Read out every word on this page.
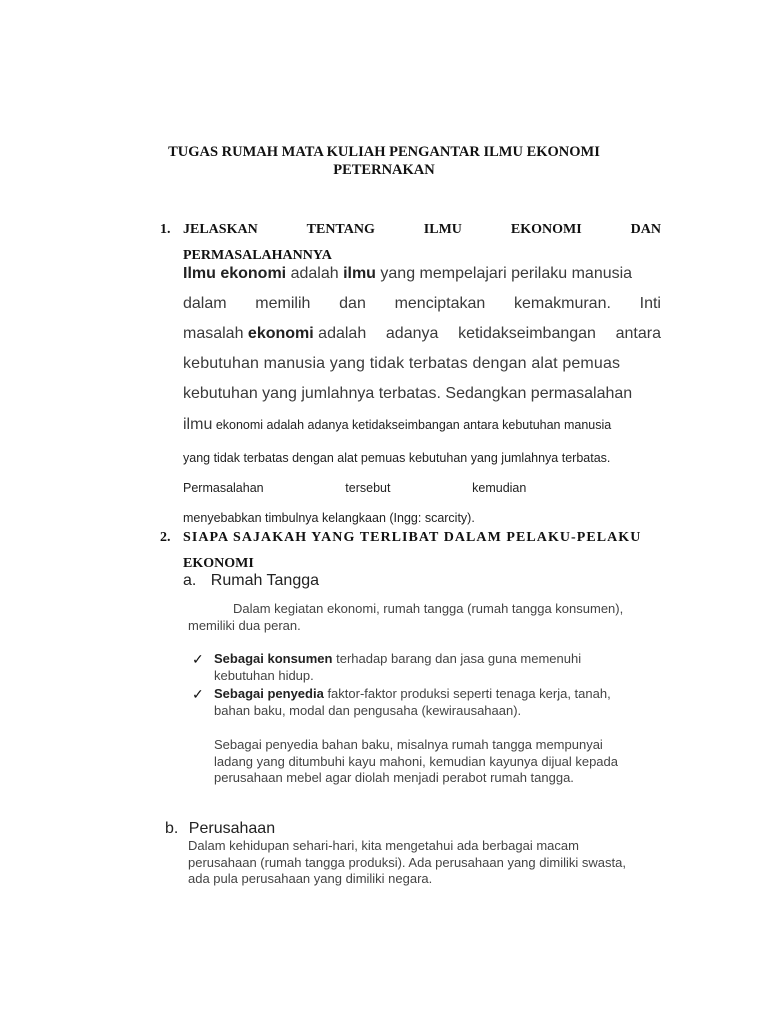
TUGAS RUMAH MATA KULIAH PENGANTAR ILMU EKONOMI
PETERNAKAN
1. JELASKAN	TENTANG	ILMU	EKONOMI	DAN
PERMASALAHANNYA
Ilmu ekonomi adalah ilmu yang mempelajari perilaku manusia
dalam memilih dan menciptakan kemakmuran. Inti
masalah ekonomi adalah adanya ketidakseimbangan antara
kebutuhan manusia yang tidak terbatas dengan alat pemuas
kebutuhan yang jumlahnya terbatas. Sedangkan permasalahan
ilmu ekonomi adalah adanya ketidakseimbangan antara kebutuhan manusia
yang tidak terbatas dengan alat pemuas kebutuhan yang jumlahnya terbatas.
Permasalahan	tersebut	kemudian
menyebabkan timbulnya kelangkaan (Ingg: scarcity).
2. SIAPA SAJAKAH YANG TERLIBAT DALAM PELAKU-PELAKU
EKONOMI
a. Rumah Tangga
Dalam kegiatan ekonomi, rumah tangga (rumah tangga konsumen),
memiliki dua peran.
✓ Sebagai konsumen terhadap barang dan jasa guna memenuhi
kebutuhan hidup.
✓ Sebagai penyedia faktor-faktor produksi seperti tenaga kerja, tanah,
bahan baku, modal dan pengusaha (kewirausahaan).
Sebagai penyedia bahan baku, misalnya rumah tangga mempunyai
ladang yang ditumbuhi kayu mahoni, kemudian kayunya dijual kepada
perusahaan mebel agar diolah menjadi perabot rumah tangga.
b. Perusahaan
Dalam kehidupan sehari-hari, kita mengetahui ada berbagai macam
perusahaan (rumah tangga produksi). Ada perusahaan yang dimiliki swasta,
ada pula perusahaan yang dimiliki negara.
